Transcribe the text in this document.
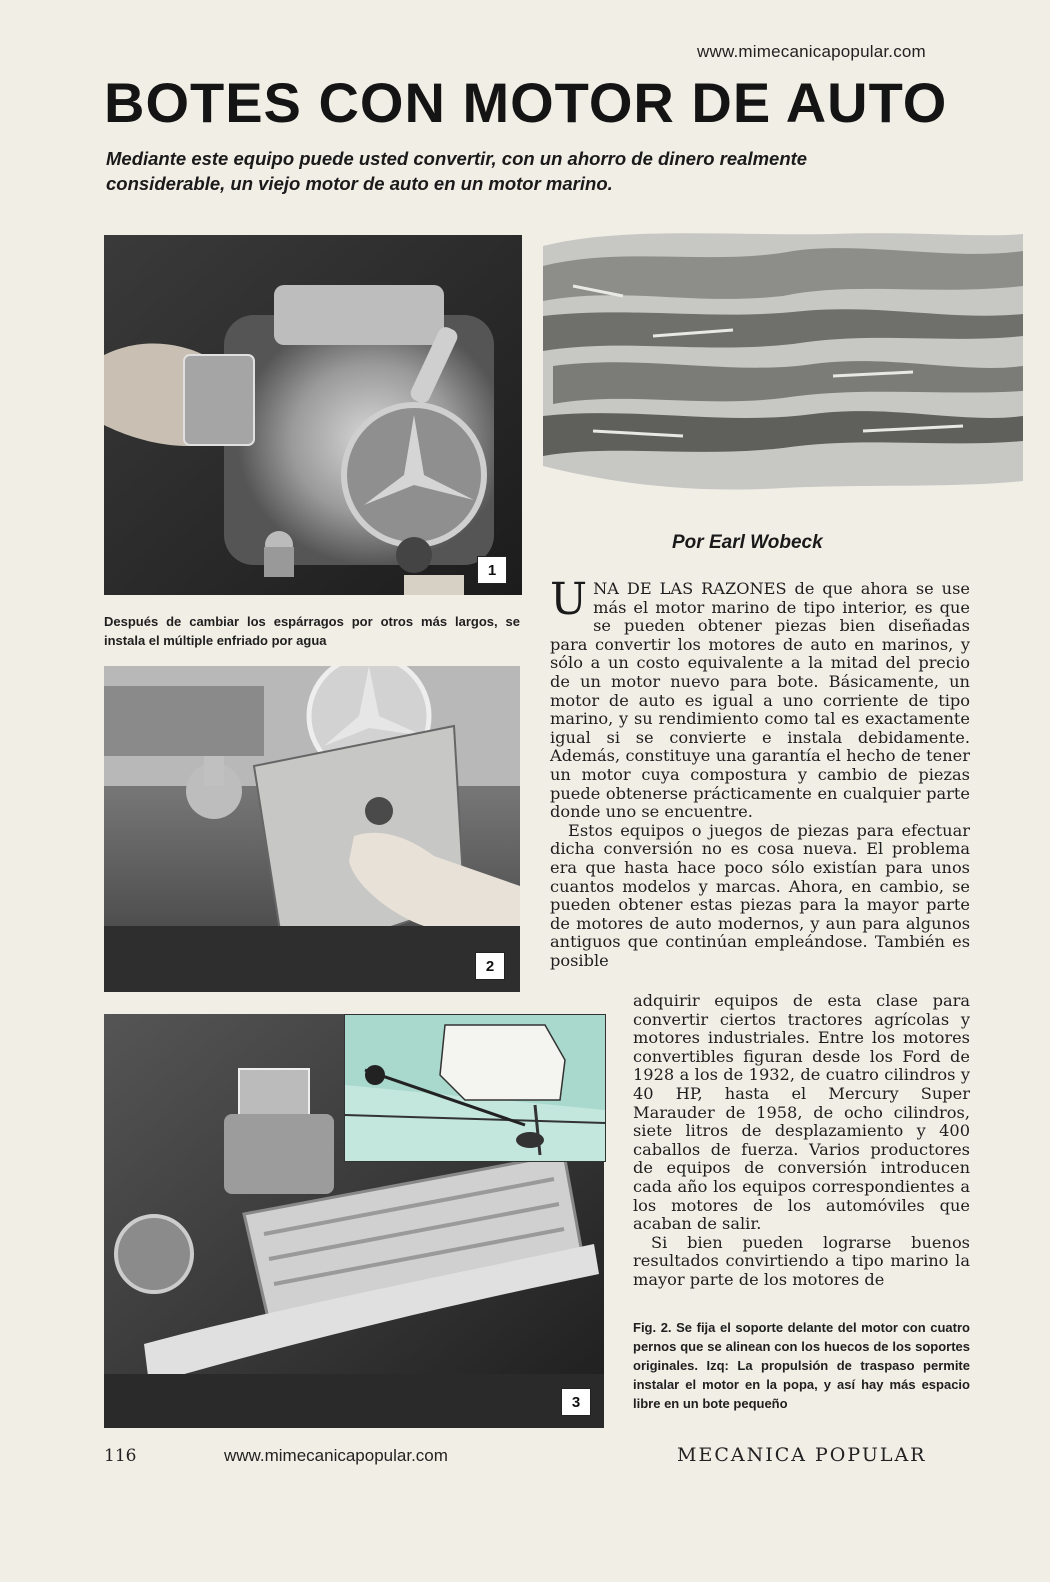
www.mimecanicapopular.com
BOTES CON MOTOR DE AUTO

Mediante este equipo puede usted convertir, con un ahorro de dinero realmente considerable, un viejo motor de auto en un motor marino.

1

Después de cambiar los espárragos por otros más largos, se instala el múltiple enfriado por agua

Por Earl Wobeck
2
3

UNA DE LAS RAZONES de que ahora se use más el motor marino de tipo interior, es que se pueden obtener piezas bien diseñadas para convertir los motores de auto en marinos, y sólo a un costo equivalente a la mitad del precio de un motor nuevo para bote. Básicamente, un motor de auto es igual a uno corriente de tipo marino, y su rendimiento como tal es exactamente igual si se convierte e instala debidamente. Además, constituye una garantía el hecho de tener un motor cuya compostura y cambio de piezas puede obtenerse prácticamente en cualquier parte donde uno se encuentre.

Estos equipos o juegos de piezas para efectuar dicha conversión no es cosa nueva. El problema era que hasta hace poco sólo existían para unos cuantos modelos y marcas. Ahora, en cambio, se pueden obtener estas piezas para la mayor parte de motores de auto modernos, y aun para algunos antiguos que continúan empleándose. También es posible

adquirir equipos de esta clase para convertir ciertos tractores agrícolas y motores industriales. Entre los motores convertibles figuran desde los Ford de 1928 a los de 1932, de cuatro cilindros y 40 HP, hasta el Mercury Super Marauder de 1958, de ocho cilindros, siete litros de desplazamiento y 400 caballos de fuerza. Varios productores de equipos de conversión introducen cada año los equipos correspondientes a los motores de los automóviles que acaban de salir.

Si bien pueden lograrse buenos resultados convirtiendo a tipo marino la mayor parte de los motores de

Fig. 2. Se fija el soporte delante del motor con cuatro pernos que se alinean con los huecos de los soportes originales. Izq: La propulsión de traspaso permite instalar el motor en la popa, y así hay más espacio libre en un bote pequeño

116	www.mimecanicapopular.com	MECANICA POPULAR
